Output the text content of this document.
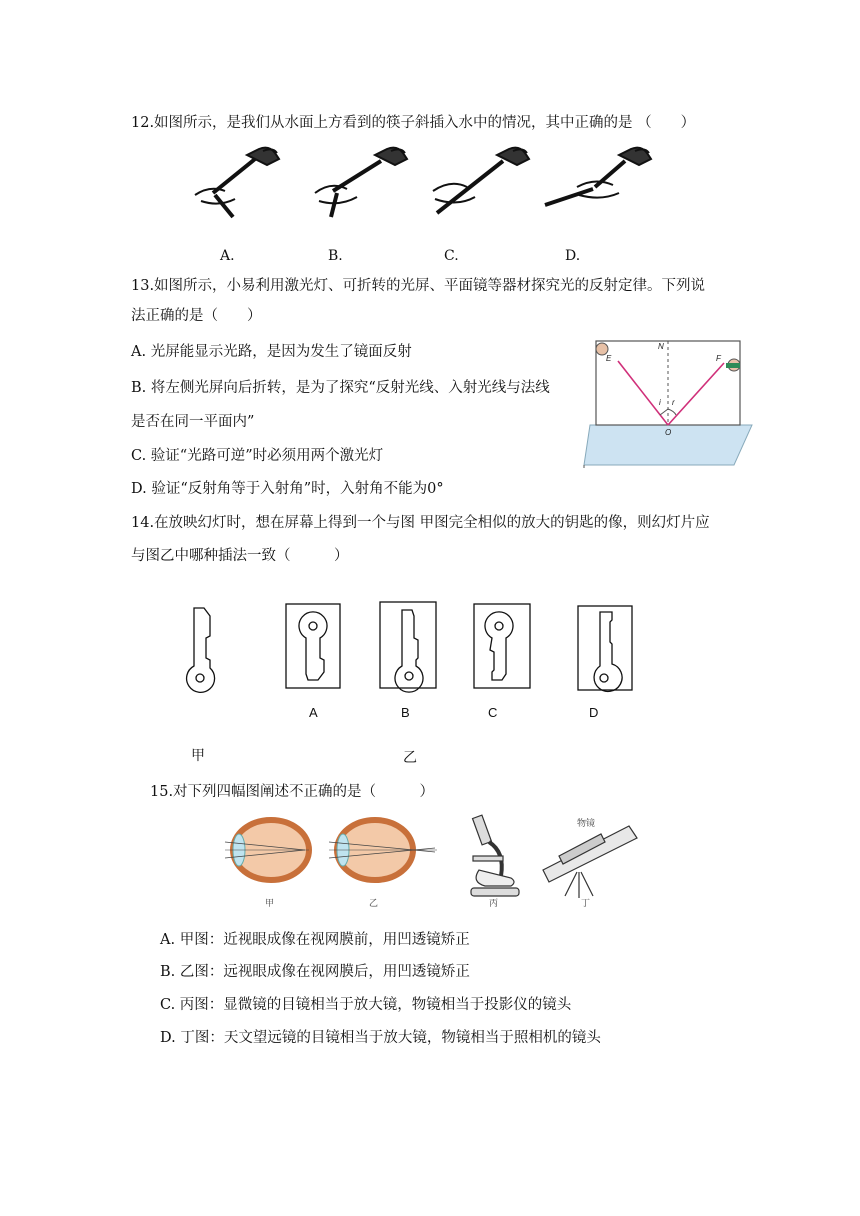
12.如图所示，是我们从水面上方看到的筷子斜插入水中的情况，其中正确的是 （　　）
A.	B.	C.	D.
13.如图所示，小易利用激光灯、可折转的光屏、平面镜等器材探究光的反射定律。下列说
法正确的是（　　）
A. 光屏能显示光路，是因为发生了镜面反射
B. 将左侧光屏向后折转，是为了探究“反射光线、入射光线与法线
是否在同一平面内”
C. 验证“光路可逆”时必须用两个激光灯
D. 验证“反射角等于入射角”时，入射角不能为0°
N
E	F
O
i r
14.在放映幻灯时，想在屏幕上得到一个与图 甲图完全相似的放大的钥匙的像，则幻灯片应
与图乙中哪种插法一致（　　　）
A	B	C	D
甲	乙
15.对下列四幅图阐述不正确的是（　　　）
甲	乙	丙
物镜
丁
A. 甲图：近视眼成像在视网膜前，用凹透镜矫正
B. 乙图：远视眼成像在视网膜后，用凹透镜矫正
C. 丙图：显微镜的目镜相当于放大镜，物镜相当于投影仪的镜头
D. 丁图：天文望远镜的目镜相当于放大镜，物镜相当于照相机的镜头
